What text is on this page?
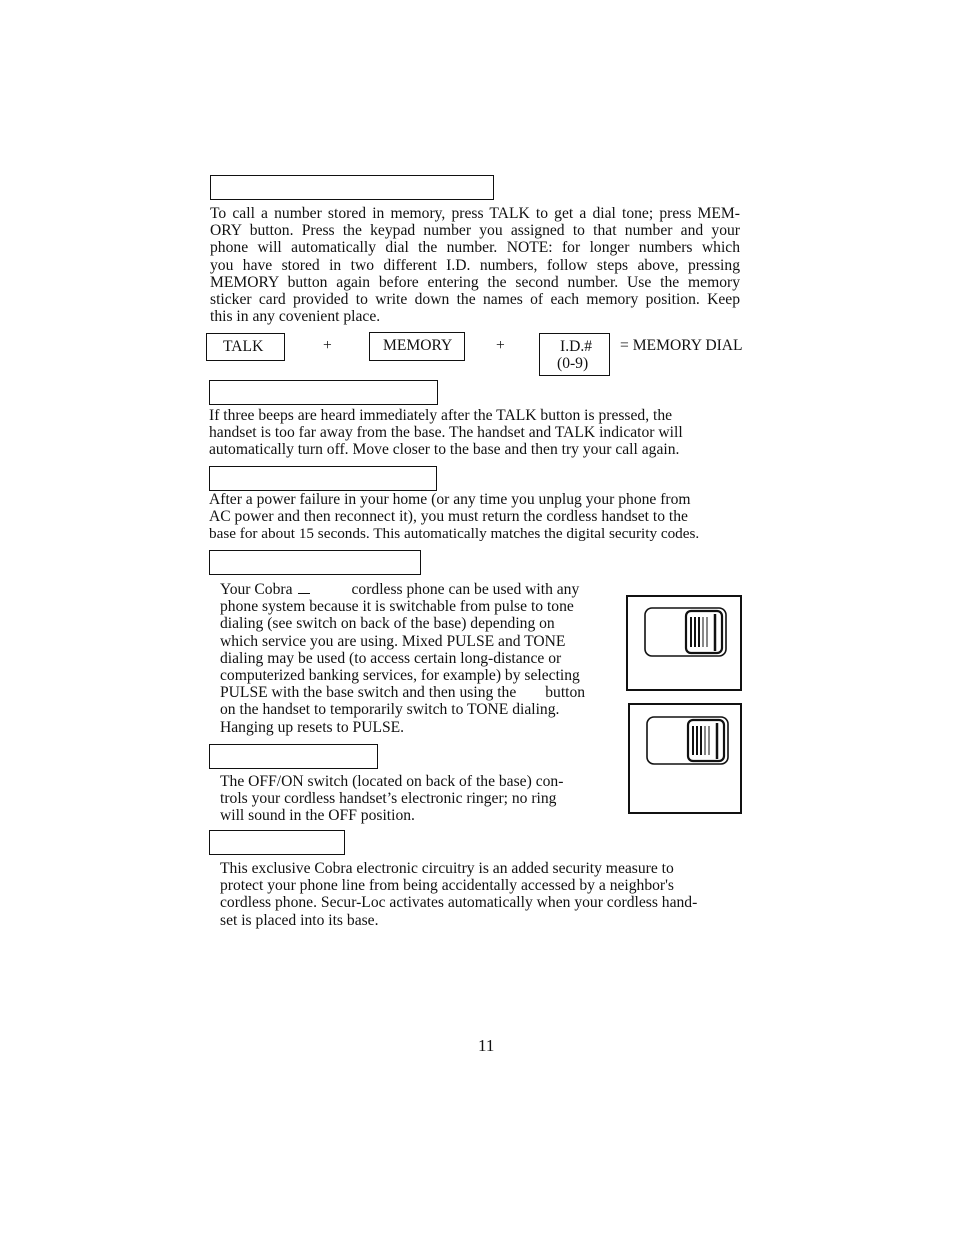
To call a number stored in memory, press TALK to get a dial tone; press MEM-
ORY button. Press the keypad number you assigned to that number and your
phone will automatically dial the number. NOTE: for longer numbers which
you have stored in two different I.D. numbers, follow steps above, pressing
MEMORY button again before entering the second number. Use the memory
sticker card provided to write down the names of each memory position. Keep
this in any covenient place.
TALK	+	MEMORY	+	I.D.#
(0-9)
= MEMORY DIAL
If three beeps are heard immediately after the TALK button is pressed, the
handset is too far away from the base. The handset and TALK indicator will
automatically turn off. Move closer to the base and then try your call again.
After a power failure in your home (or any time you unplug your phone from
AC power and then reconnect it), you must return the cordless handset to the
base for about 15 seconds. This automatically matches the digital security codes.
Your Cobra	cordless phone can be used with any
phone system because it is switchable from pulse to tone
dialing (see switch on back of the base) depending on
which service you are using. Mixed PULSE and TONE
dialing may be used (to access certain long-distance or
computerized banking services, for example) by selecting
PULSE with the base switch and then using the button
on the handset to temporarily switch to TONE dialing.
Hanging up resets to PULSE.
The OFF/ON switch (located on back of the base) con-
trols your cordless handset’s electronic ringer; no ring
will sound in the OFF position.
This exclusive Cobra electronic circuitry is an added security measure to
protect your phone line from being accidentally accessed by a neighbor's
cordless phone. Secur-Loc activates automatically when your cordless hand-
set is placed into its base.
11
